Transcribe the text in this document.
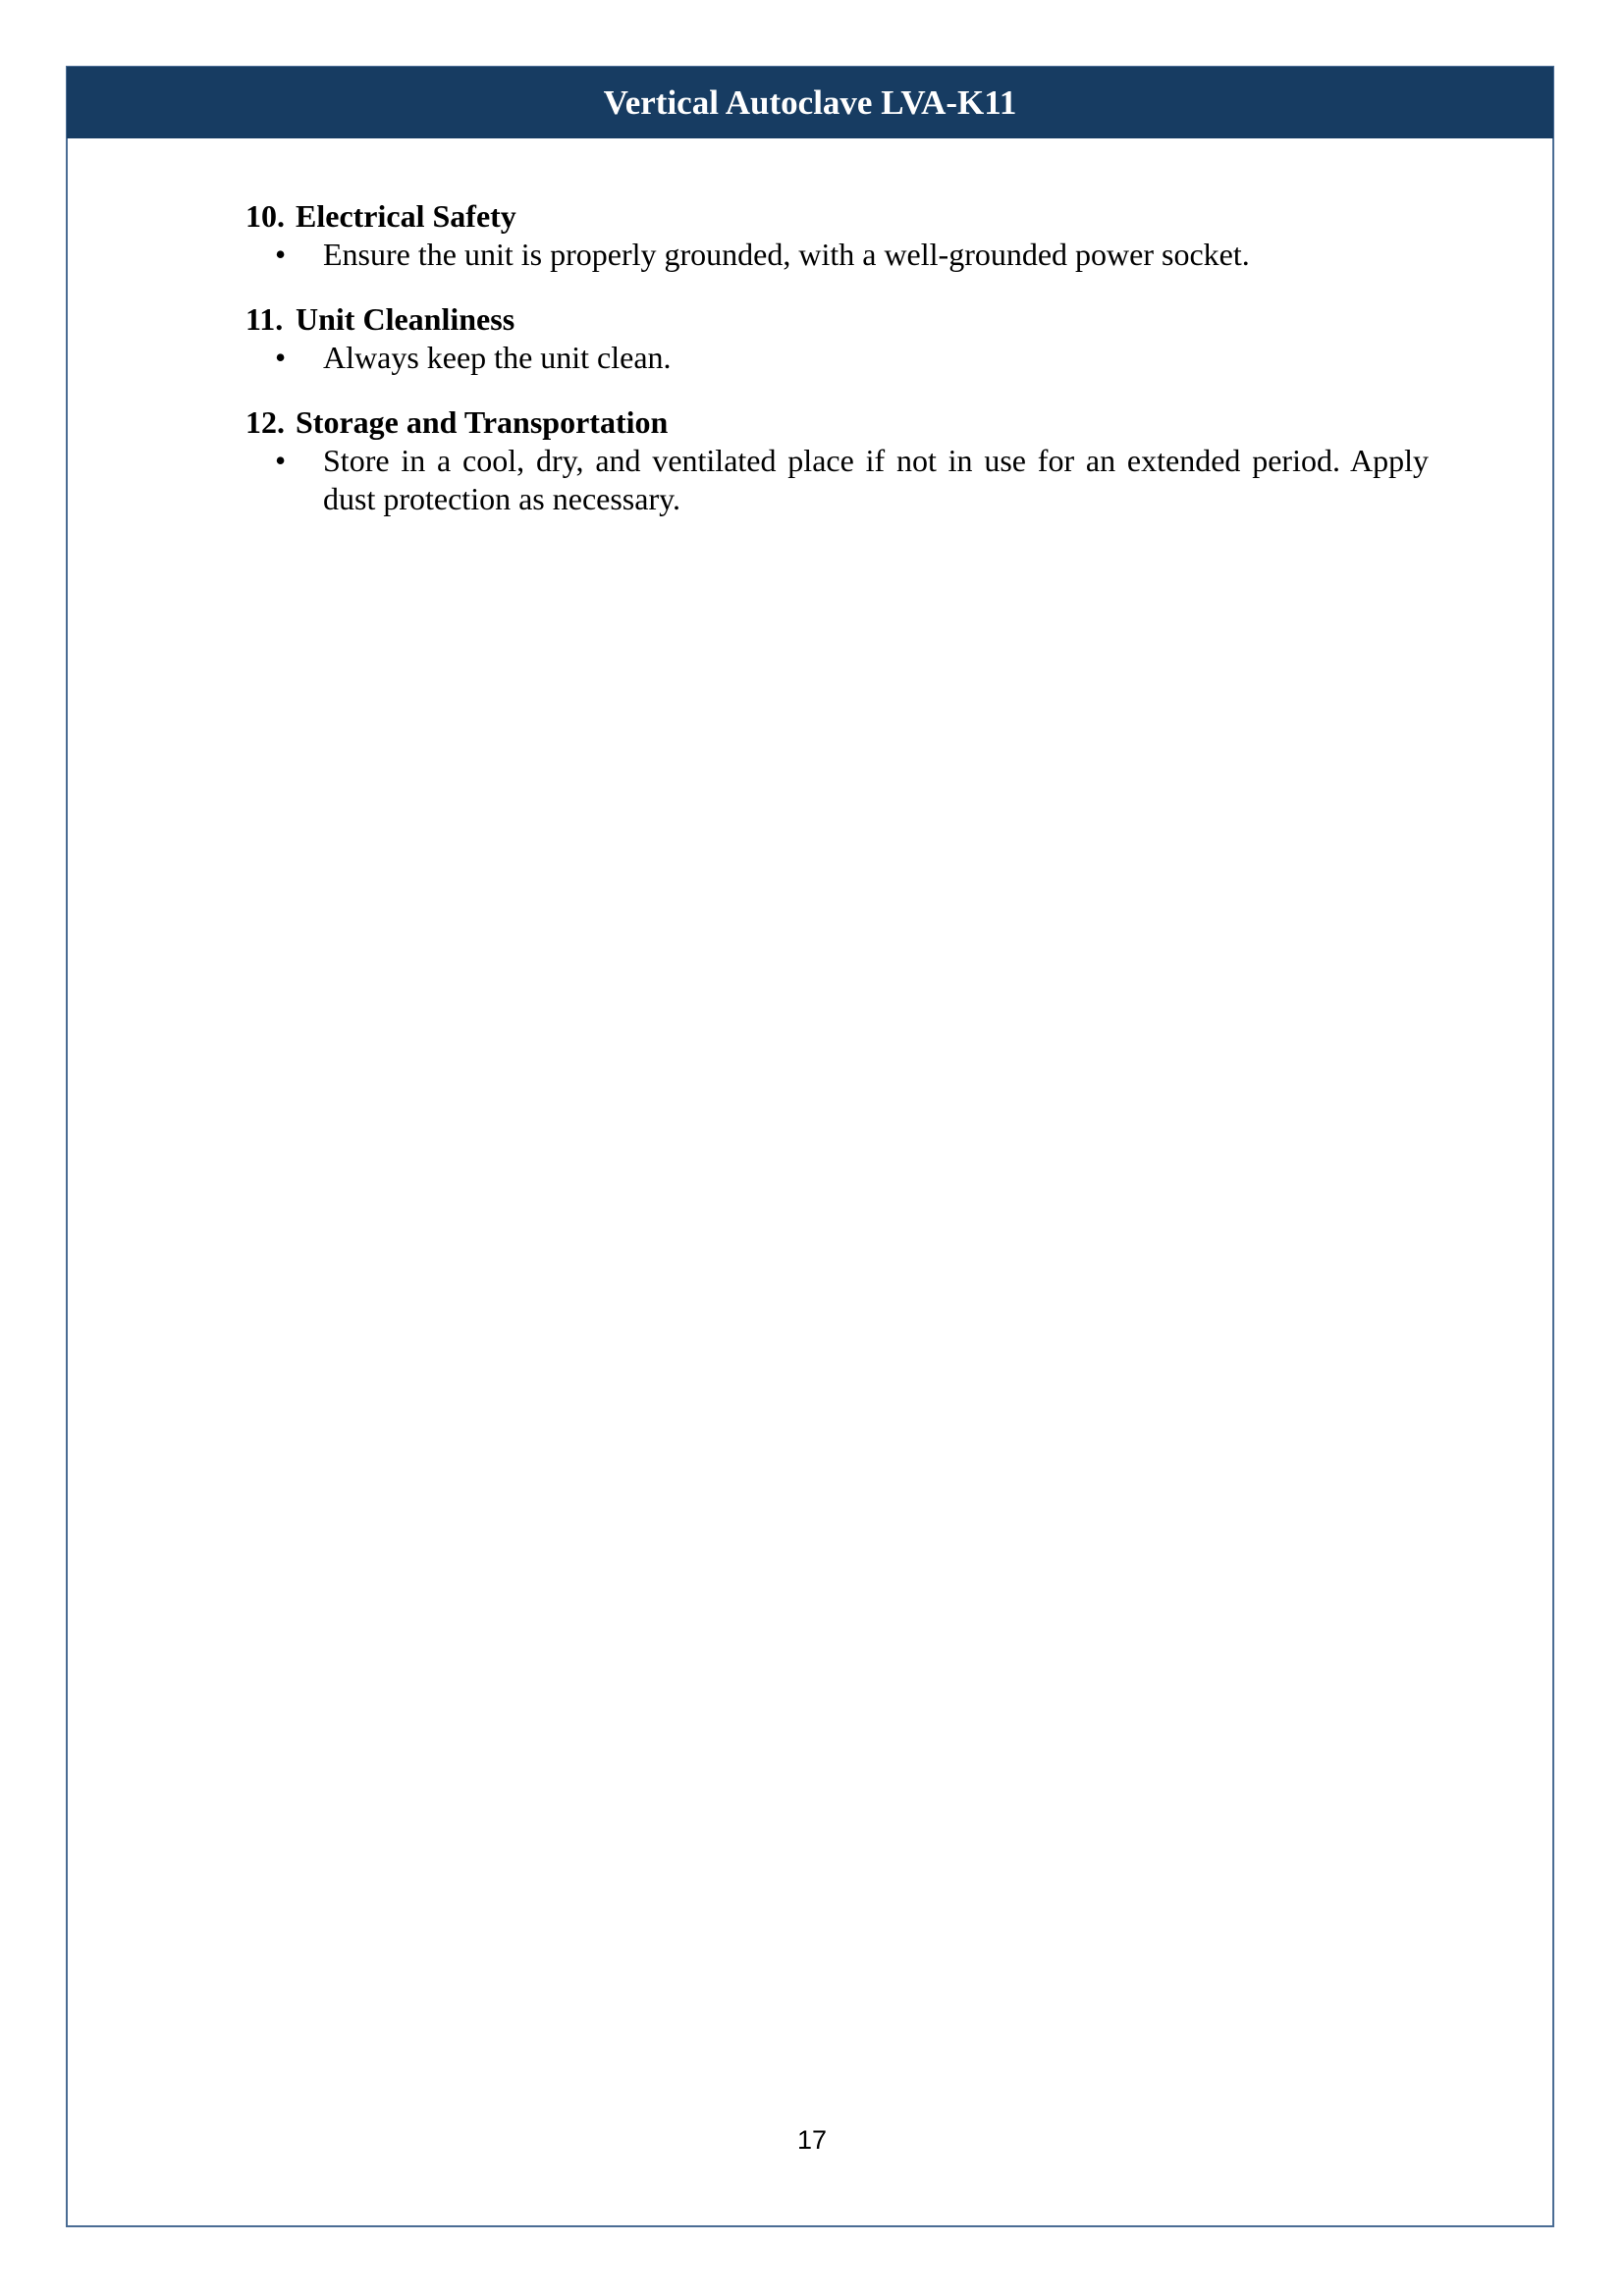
Vertical Autoclave LVA-K11
10. Electrical Safety
•	Ensure the unit is properly grounded, with a well-grounded power socket.
11. Unit Cleanliness
•	Always keep the unit clean.
12. Storage and Transportation
•	Store in a cool, dry, and ventilated place if not in use for an extended period. Apply dust protection as necessary.
17
